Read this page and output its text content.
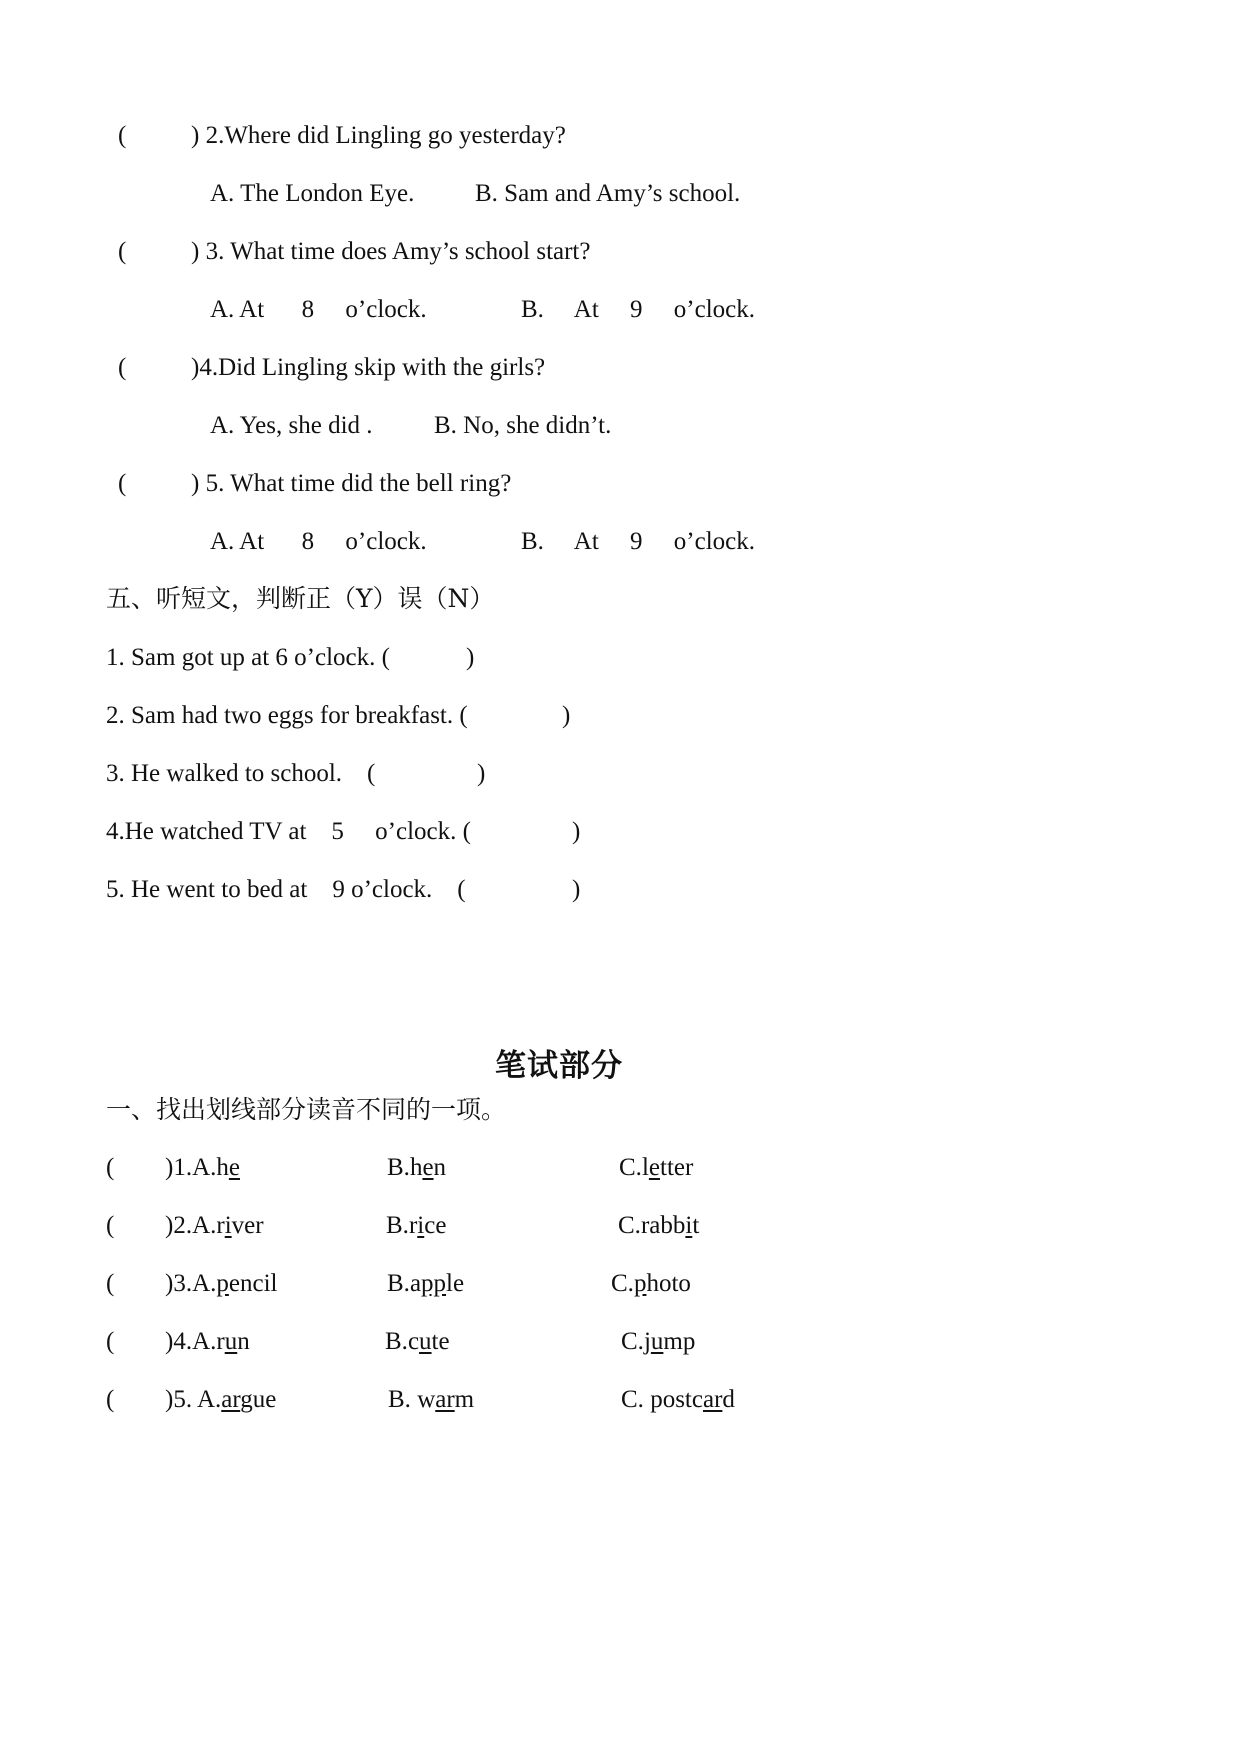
(	) 2.Where did Lingling go yesterday?
A. The London Eye. B. Sam and Amy’s school.
(	) 3. What time does Amy’s school start?
A. At      8     o’clock.	B.     At     9     o’clock.
(	)4.Did Lingling skip with the girls?
A. Yes, she did . B. No, she didn’t.
(	) 5. What time did the bell ring?
A. At      8     o’clock.	B.     At     9     o’clock.
五、听短文，判断正（Y）误（N）
1. Sam got up at 6 o’clock. (	)
2. Sam had two eggs for breakfast. (	)
3. He walked to school.    (	)
4.He watched TV at    5     o’clock. (	)
5. He went to bed at    9 o’clock.    (	)
笔试部分
一、找出划线部分读音不同的一项。
( )1.A.he	B.hen	C.letter
( )2.A.river	B.rice	C.rabbit
( )3.A.pencil	B.apple	C.photo
( )4.A.run	B.cute	C.jump
( )5. A.argue	B. warm	C. postcard
